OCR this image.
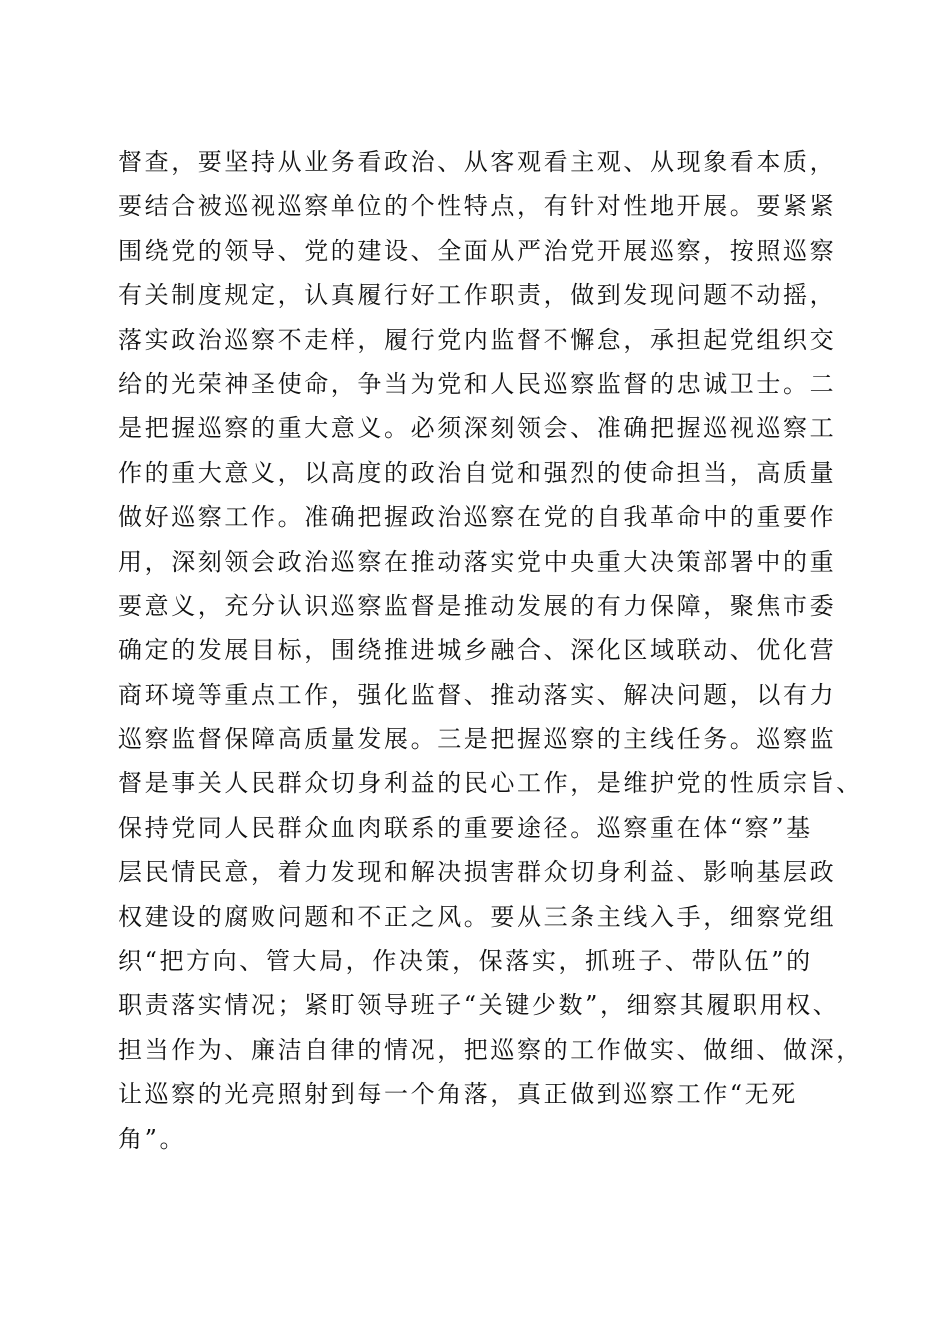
督查，要坚持从业务看政治、从客观看主观、从现象看本质，
要结合被巡视巡察单位的个性特点，有针对性地开展。要紧紧
围绕党的领导、党的建设、全面从严治党开展巡察，按照巡察
有关制度规定，认真履行好工作职责，做到发现问题不动摇，
落实政治巡察不走样，履行党内监督不懈怠，承担起党组织交
给的光荣神圣使命，争当为党和人民巡察监督的忠诚卫士。二
是把握巡察的重大意义。必须深刻领会、准确把握巡视巡察工
作的重大意义，以高度的政治自觉和强烈的使命担当，高质量
做好巡察工作。准确把握政治巡察在党的自我革命中的重要作
用，深刻领会政治巡察在推动落实党中央重大决策部署中的重
要意义，充分认识巡察监督是推动发展的有力保障，聚焦市委
确定的发展目标，围绕推进城乡融合、深化区域联动、优化营
商环境等重点工作，强化监督、推动落实、解决问题，以有力
巡察监督保障高质量发展。三是把握巡察的主线任务。巡察监
督是事关人民群众切身利益的民心工作，是维护党的性质宗旨、
保持党同人民群众血肉联系的重要途径。巡察重在体“察”基
层民情民意，着力发现和解决损害群众切身利益、影响基层政
权建设的腐败问题和不正之风。要从三条主线入手，细察党组
织“把方向、管大局，作决策，保落实，抓班子、带队伍”的
职责落实情况；紧盯领导班子“关键少数”，细察其履职用权、
担当作为、廉洁自律的情况，把巡察的工作做实、做细、做深，
让巡察的光亮照射到每一个角落，真正做到巡察工作“无死
角”。
